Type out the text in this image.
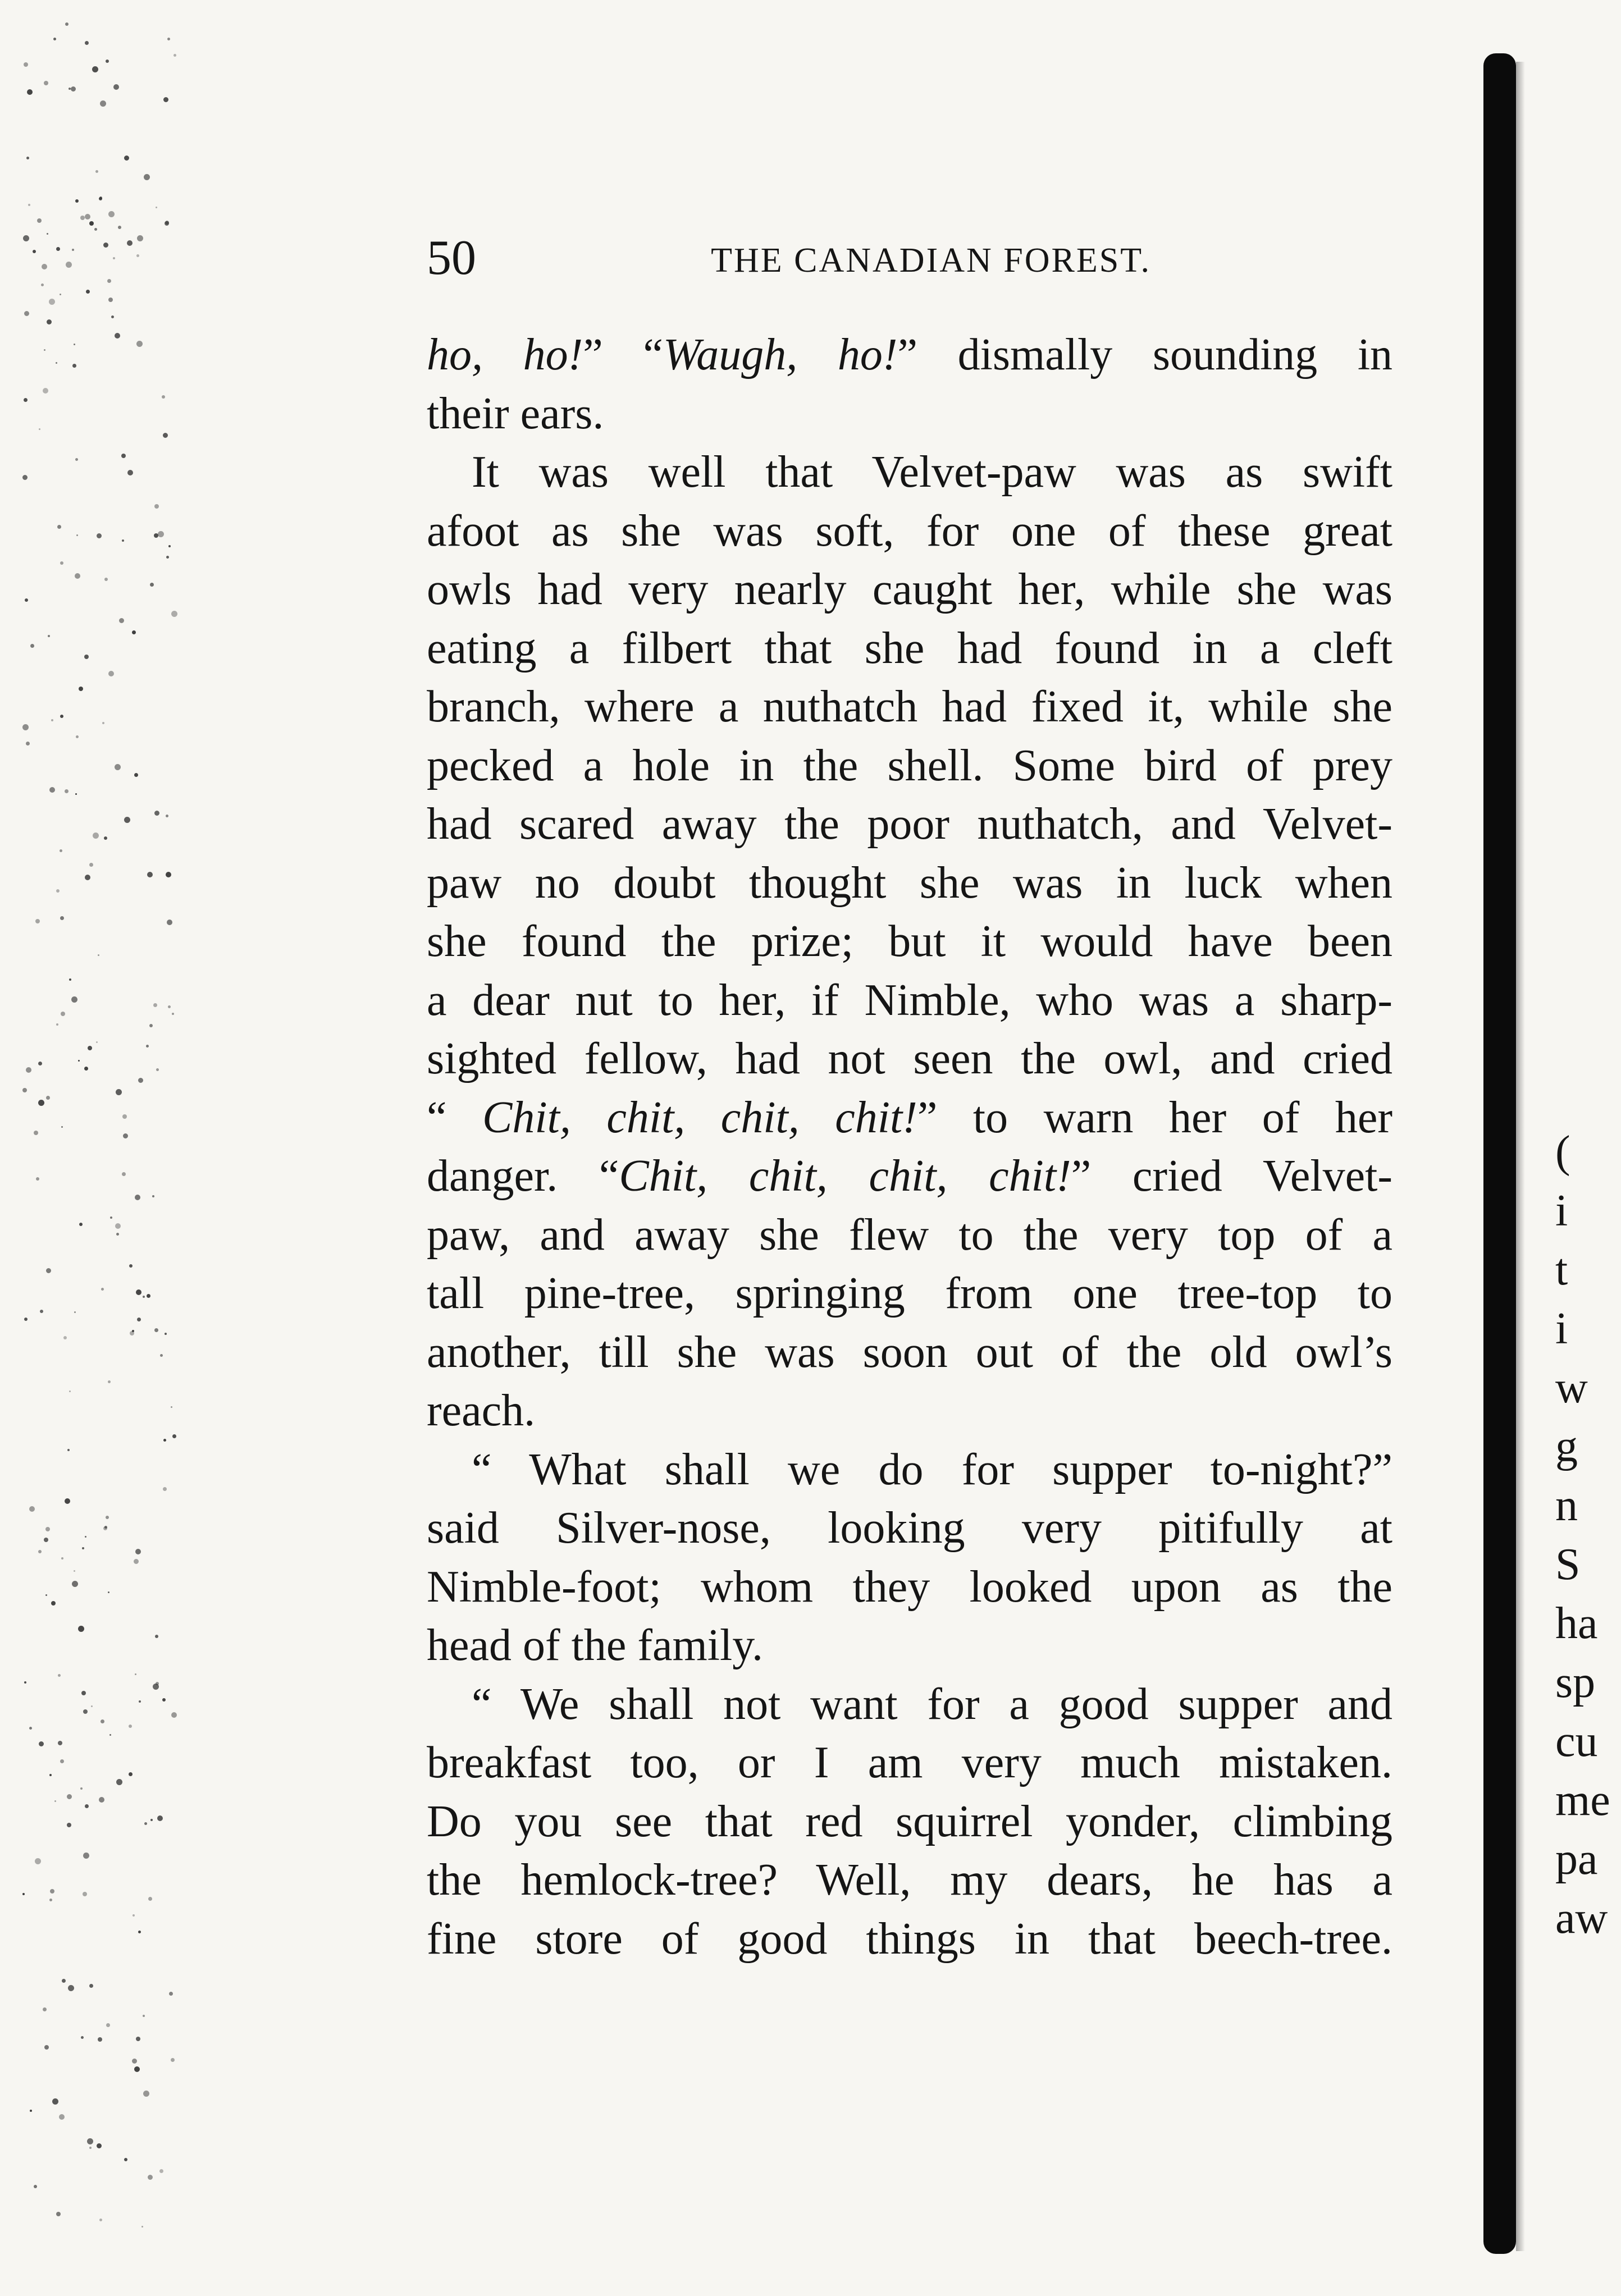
50	THE CANADIAN FOREST.
ho, ho!” “Waugh, ho!” dismally sounding in
their ears.
It was well that Velvet-paw was as swift
afoot as she was soft, for one of these great
owls had very nearly caught her, while she was
eating a filbert that she had found in a cleft
branch, where a nuthatch had fixed it, while she
pecked a hole in the shell. Some bird of prey
had scared away the poor nuthatch, and Velvet-
paw no doubt thought she was in luck when
she found the prize; but it would have been
a dear nut to her, if Nimble, who was a sharp-
sighted fellow, had not seen the owl, and cried
“ Chit, chit, chit, chit!” to warn her of her
danger. “Chit, chit, chit, chit!” cried Velvet-
paw, and away she flew to the very top of a
tall pine-tree, springing from one tree-top to
another, till she was soon out of the old owl’s
reach.
“ What shall we do for supper to-night?”
said Silver-nose, looking very pitifully at
Nimble-foot; whom they looked upon as the
head of the family.
“ We shall not want for a good supper and
breakfast too, or I am very much mistaken.
Do you see that red squirrel yonder, climbing
the hemlock-tree? Well, my dears, he has a
fine store of good things in that beech-tree.
(
i
t
i
w
g
n
S
ha
sp
cu
me
pa
aw
